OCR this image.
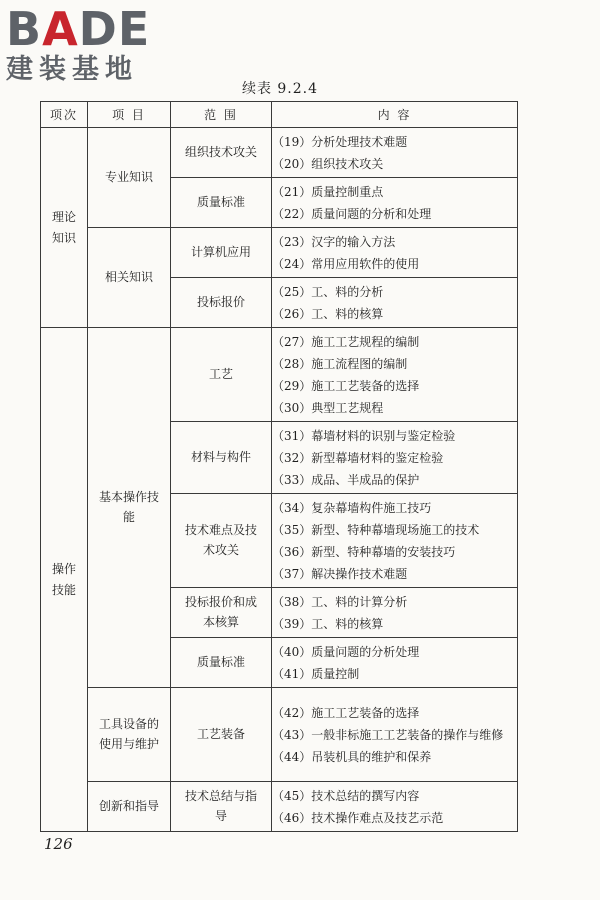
BADE
建装基地
续表 9.2.4
项次	项 目	范 围	内 容
理论知识	专业知识	组织技术攻关	（19）分析处理技术难题
（20）组织技术攻关

		质量标准	（21）质量控制重点
（22）质量问题的分析和处理

	相关知识	计算机应用	（23）汉字的输入方法
（24）常用应用软件的使用

		投标报价	（25）工、料的分析
（26）工、料的核算

操作技能	基本操作技能	工艺	（27）施工工艺规程的编制
（28）施工流程图的编制
（29）施工工艺装备的选择
（30）典型工艺规程

		材料与构件	（31）幕墙材料的识别与鉴定检验
（32）新型幕墙材料的鉴定检验
（33）成品、半成品的保护

		技术难点及技术攻关	（34）复杂幕墙构件施工技巧
（35）新型、特种幕墙现场施工的技术
（36）新型、特种幕墙的安装技巧
（37）解决操作技术难题

		投标报价和成本核算	（38）工、料的计算分析
（39）工、料的核算

		质量标准	（40）质量问题的分析处理
（41）质量控制

	工具设备的使用与维护	工艺装备	（42）施工工艺装备的选择
（43）一般非标施工工艺装备的操作与维修
（44）吊装机具的维护和保养

	创新和指导	技术总结与指导	（45）技术总结的撰写内容
（46）技术操作难点及技艺示范
126
